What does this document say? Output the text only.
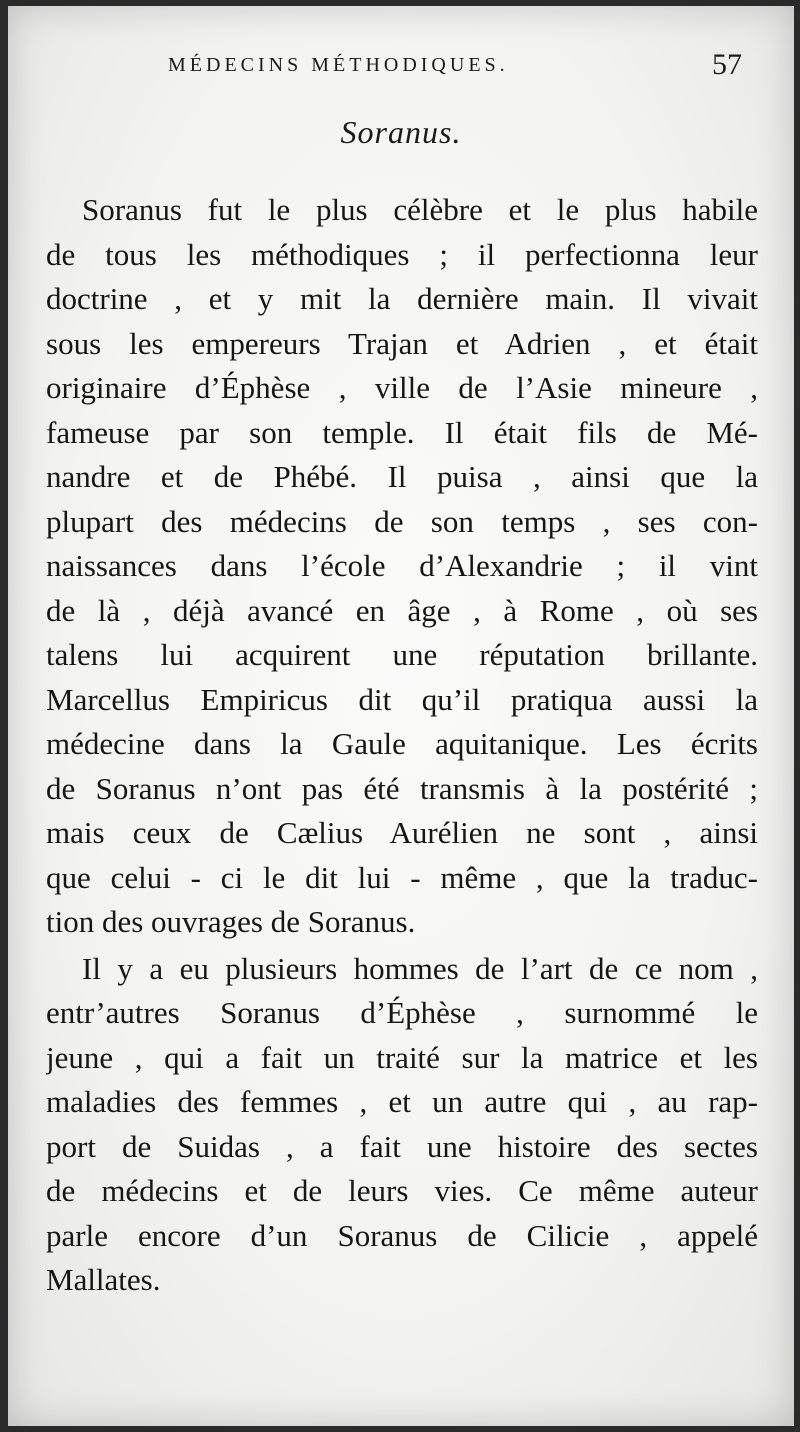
MÉDECINS MÉTHODIQUES.	57
Soranus.
Soranus fut le plus célèbre et le plus habile
de tous les méthodiques ; il perfectionna leur
doctrine , et y mit la dernière main. Il vivait
sous les empereurs Trajan et Adrien , et était
originaire d’Éphèse , ville de l’Asie mineure ,
fameuse par son temple. Il était fils de Mé-
nandre et de Phébé. Il puisa , ainsi que la
plupart des médecins de son temps , ses con-
naissances dans l’école d’Alexandrie ; il vint
de là , déjà avancé en âge , à Rome , où ses
talens lui acquirent une réputation brillante.
Marcellus Empiricus dit qu’il pratiqua aussi la
médecine dans la Gaule aquitanique. Les écrits
de Soranus n’ont pas été transmis à la postérité ;
mais ceux de Cælius Aurélien ne sont , ainsi
que celui - ci le dit lui - même , que la traduc-
tion des ouvrages de Soranus.
Il y a eu plusieurs hommes de l’art de ce nom ,
entr’autres Soranus d’Éphèse , surnommé le
jeune , qui a fait un traité sur la matrice et les
maladies des femmes , et un autre qui , au rap-
port de Suidas , a fait une histoire des sectes
de médecins et de leurs vies. Ce même auteur
parle encore d’un Soranus de Cilicie , appelé
Mallates.
